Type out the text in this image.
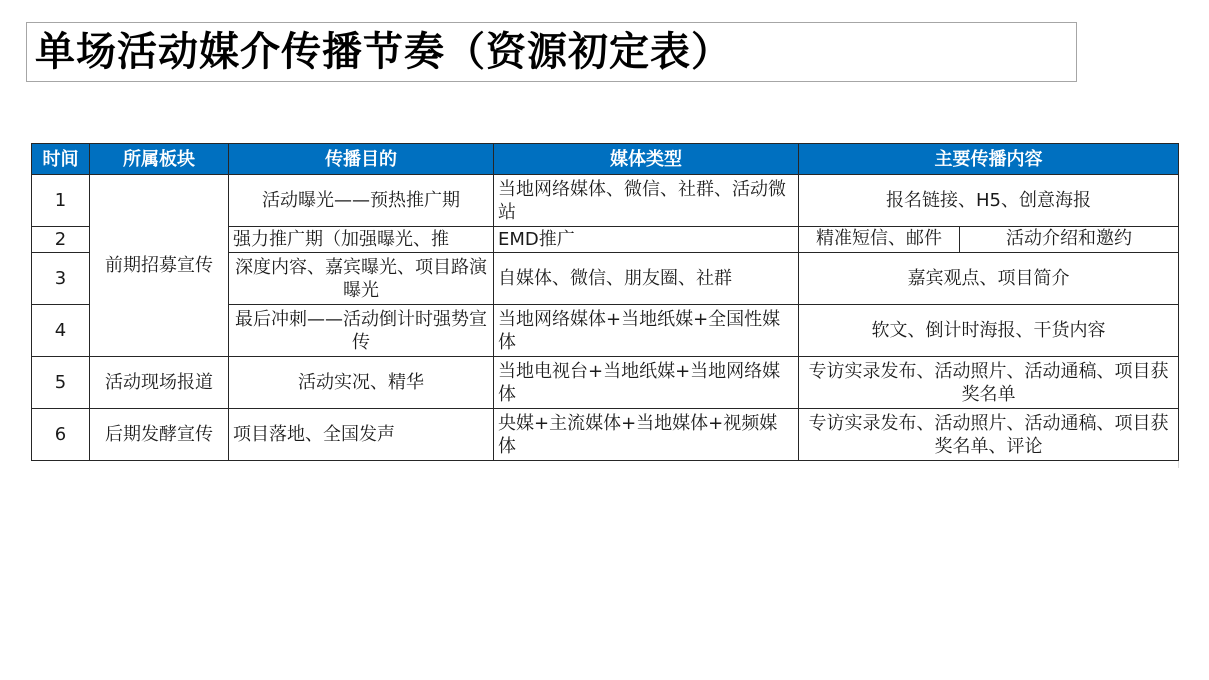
单场活动媒介传播节奏（资源初定表）
时间	所属板块	传播目的	媒体类型	主要传播内容
1	前期招募宣传	活动曝光——预热推广期	当地网络媒体、微信、社群、活动微站	报名链接、H5、创意海报
2		强力推广期（加强曝光、推	EMD推广	精准短信、邮件 活动介绍和邀约

3		深度内容、嘉宾曝光、项目路演曝光	自媒体、微信、朋友圈、社群	嘉宾观点、项目简介
4		最后冲刺——活动倒计时强势宣传	当地网络媒体+当地纸媒+全国性媒体	软文、倒计时海报、干货内容
5	活动现场报道	活动实况、精华	当地电视台+当地纸媒+当地网络媒体	专访实录发布、活动照片、活动通稿、项目获奖名单
6	后期发酵宣传	项目落地、全国发声	央媒+主流媒体+当地媒体+视频媒体	专访实录发布、活动照片、活动通稿、项目获奖名单、评论
